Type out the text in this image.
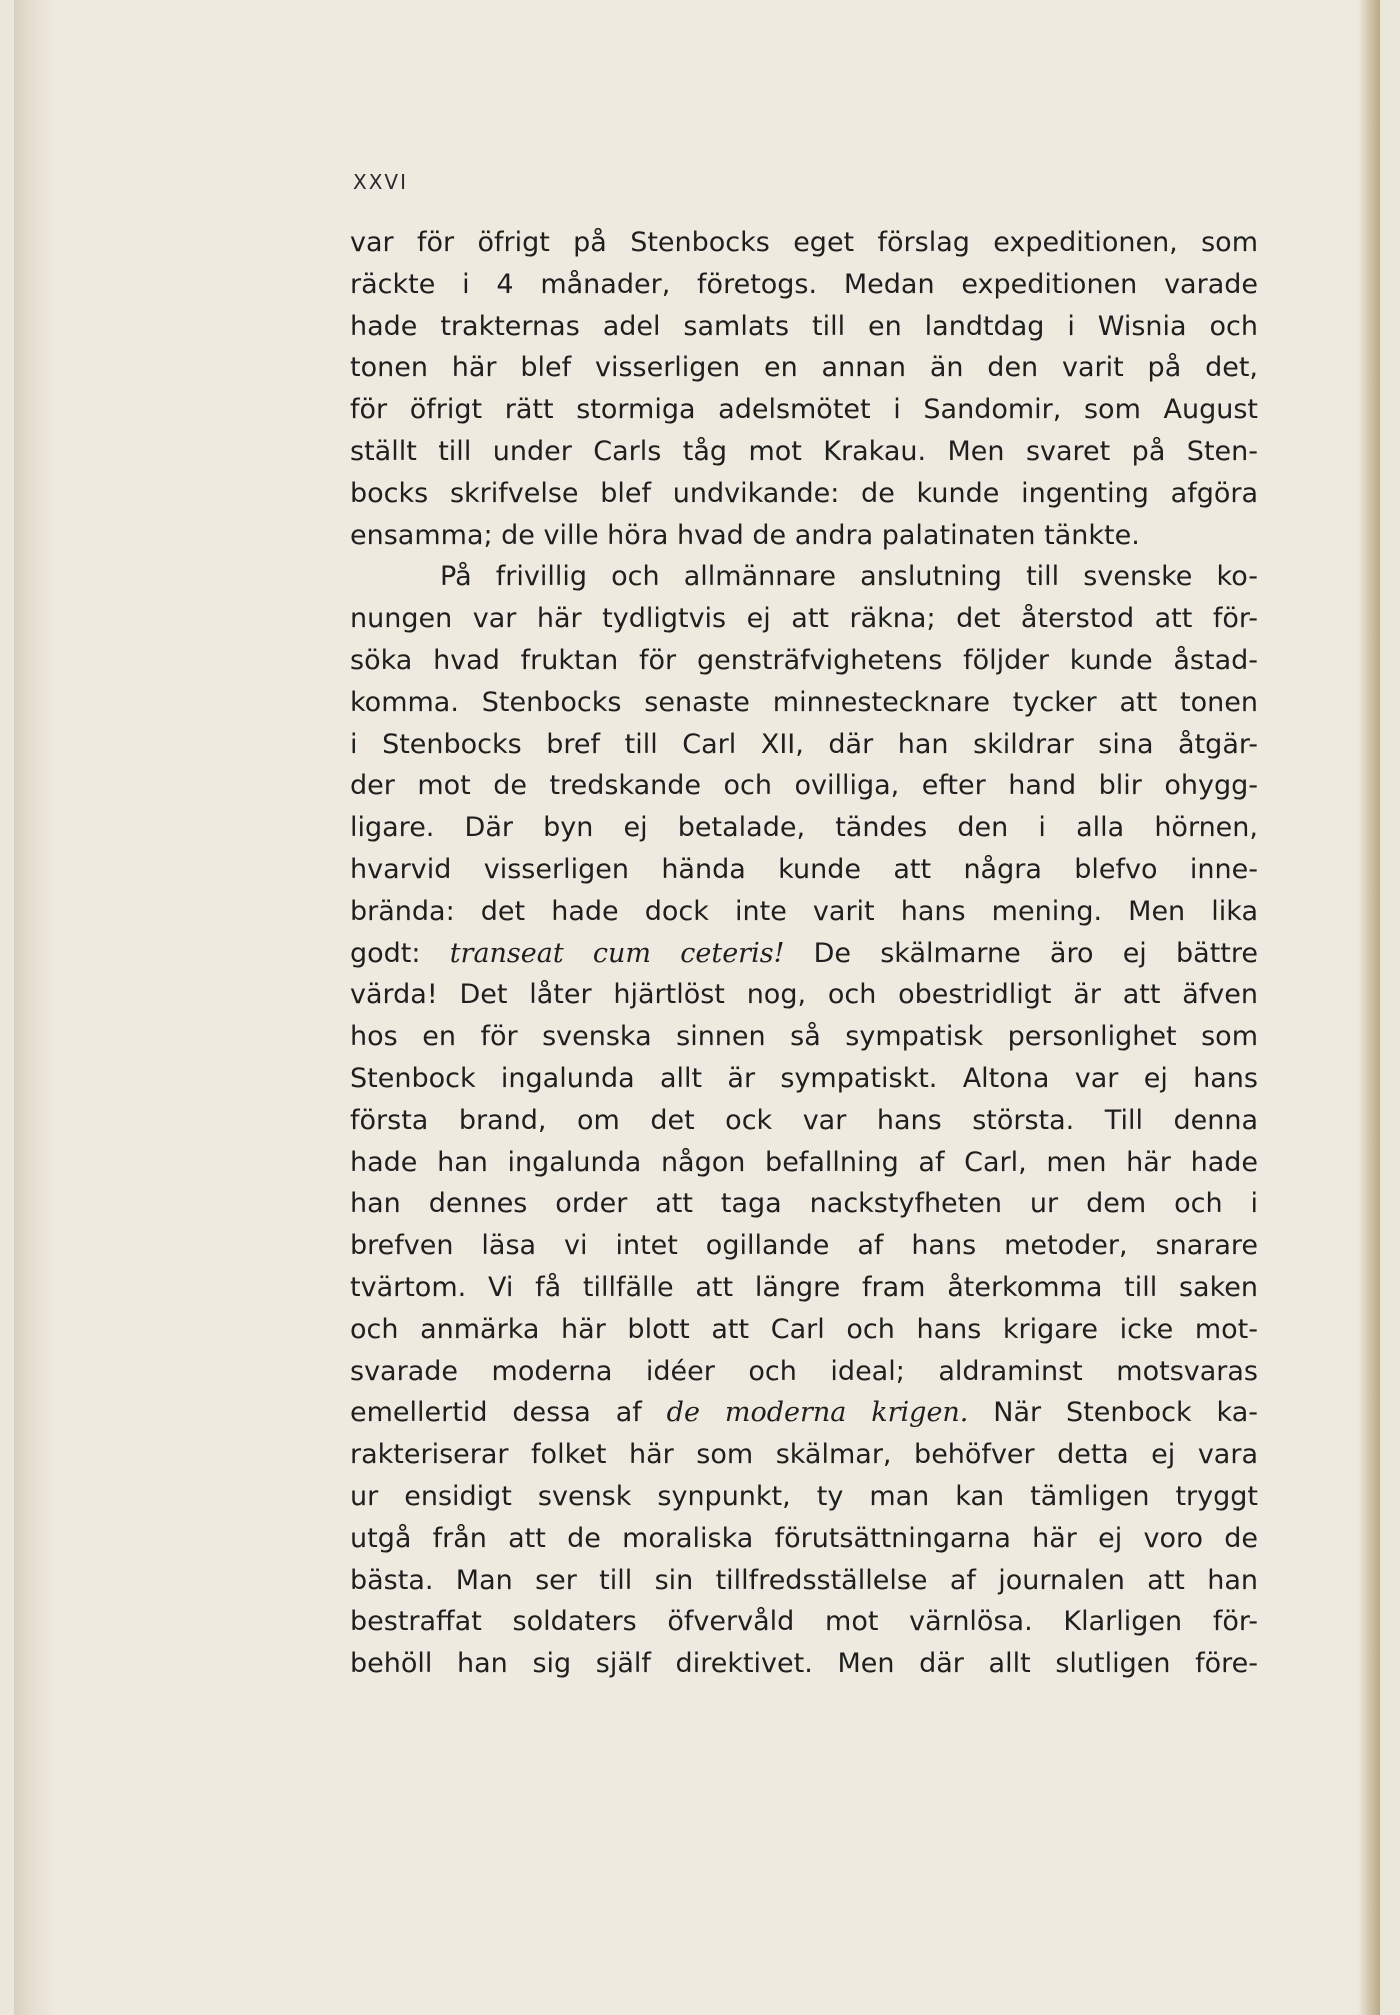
XXVI
var för öfrigt på Stenbocks eget förslag expeditionen, som
räckte i 4 månader, företogs. Medan expeditionen varade
hade trakternas adel samlats till en landtdag i Wisnia och
tonen här blef visserligen en annan än den varit på det,
för öfrigt rätt stormiga adelsmötet i Sandomir, som August
ställt till under Carls tåg mot Krakau. Men svaret på Sten-
bocks skrifvelse blef undvikande: de kunde ingenting afgöra
ensamma; de ville höra hvad de andra palatinaten tänkte.
På frivillig och allmännare anslutning till svenske ko-
nungen var här tydligtvis ej att räkna; det återstod att för-
söka hvad fruktan för gensträfvighetens följder kunde åstad-
komma. Stenbocks senaste minnestecknare tycker att tonen
i Stenbocks bref till Carl XII, där han skildrar sina åtgär-
der mot de tredskande och ovilliga, efter hand blir ohygg-
ligare. Där byn ej betalade, tändes den i alla hörnen,
hvarvid visserligen hända kunde att några blefvo inne-
brända: det hade dock inte varit hans mening. Men lika
godt: transeat cum ceteris! De skälmarne äro ej bättre
värda! Det låter hjärtlöst nog, och obestridligt är att äfven
hos en för svenska sinnen så sympatisk personlighet som
Stenbock ingalunda allt är sympatiskt. Altona var ej hans
första brand, om det ock var hans största. Till denna
hade han ingalunda någon befallning af Carl, men här hade
han dennes order att taga nackstyfheten ur dem och i
brefven läsa vi intet ogillande af hans metoder, snarare
tvärtom. Vi få tillfälle att längre fram återkomma till saken
och anmärka här blott att Carl och hans krigare icke mot-
svarade moderna idéer och ideal; aldraminst motsvaras
emellertid dessa af de moderna krigen. När Stenbock ka-
rakteriserar folket här som skälmar, behöfver detta ej vara
ur ensidigt svensk synpunkt, ty man kan tämligen tryggt
utgå från att de moraliska förutsättningarna här ej voro de
bästa. Man ser till sin tillfredsställelse af journalen att han
bestraffat soldaters öfvervåld mot värnlösa. Klarligen för-
behöll han sig själf direktivet. Men där allt slutligen före-
